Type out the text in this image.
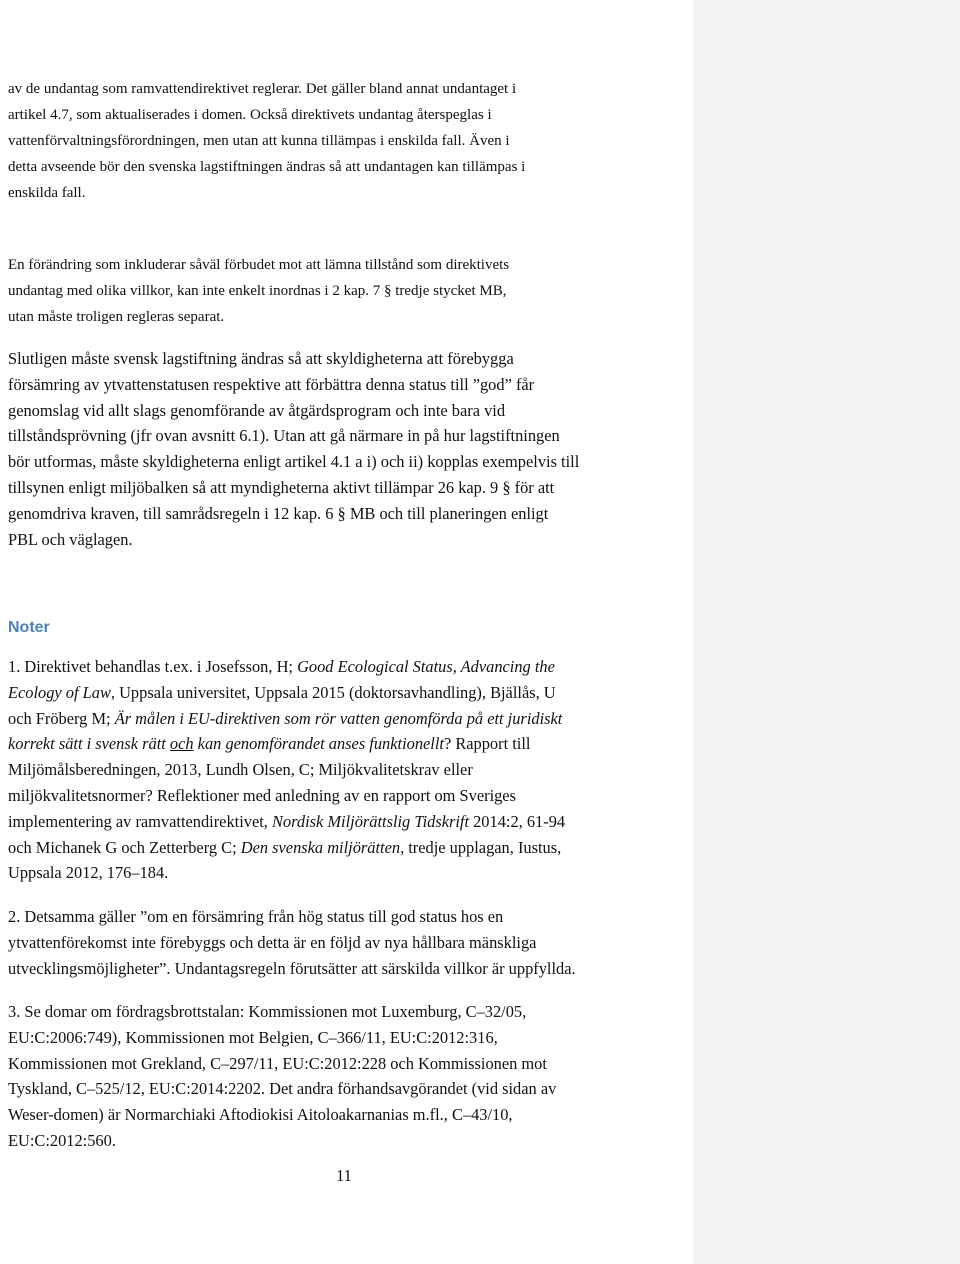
av de undantag som ramvattendirektivet reglerar. Det gäller bland annat undantaget i
artikel 4.7, som aktualiserades i domen. Också direktivets undantag återspeglas i
vattenförvaltningsförordningen, men utan att kunna tillämpas i enskilda fall. Även i
detta avseende bör den svenska lagstiftningen ändras så att undantagen kan tillämpas i
enskilda fall.

En förändring som inkluderar såväl förbudet mot att lämna tillstånd som direktivets
undantag med olika villkor, kan inte enkelt inordnas i 2 kap. 7 § tredje stycket MB,
utan måste troligen regleras separat.

Slutligen måste svensk lagstiftning ändras så att skyldigheterna att förebygga
försämring av ytvattenstatusen respektive att förbättra denna status till ”god” får
genomslag vid allt slags genomförande av åtgärdsprogram och inte bara vid
tillståndsprövning (jfr ovan avsnitt 6.1). Utan att gå närmare in på hur lagstiftningen
bör utformas, måste skyldigheterna enligt artikel 4.1 a i) och ii) kopplas exempelvis till
tillsynen enligt miljöbalken så att myndigheterna aktivt tillämpar 26 kap. 9 § för att
genomdriva kraven, till samrådsregeln i 12 kap. 6 § MB och till planeringen enligt
PBL och väglagen.

Noter

1. Direktivet behandlas t.ex. i Josefsson, H; Good Ecological Status, Advancing the
Ecology of Law, Uppsala universitet, Uppsala 2015 (doktorsavhandling), Bjällås, U
och Fröberg M; Är målen i EU-direktiven som rör vatten genomförda på ett juridiskt
korrekt sätt i svensk rätt och kan genomförandet anses funktionellt? Rapport till
Miljömålsberedningen, 2013, Lundh Olsen, C; Miljökvalitetskrav eller
miljökvalitetsnormer? Reflektioner med anledning av en rapport om Sveriges
implementering av ramvattendirektivet, Nordisk Miljörättslig Tidskrift 2014:2, 61-94
och Michanek G och Zetterberg C; Den svenska miljörätten, tredje upplagan, Iustus,
Uppsala 2012, 176–184.

2. Detsamma gäller ”om en försämring från hög status till god status hos en
ytvattenförekomst inte förebyggs och detta är en följd av nya hållbara mänskliga
utvecklingsmöjligheter”. Undantagsregeln förutsätter att särskilda villkor är uppfyllda.

3. Se domar om fördragsbrottstalan: Kommissionen mot Luxemburg, C–32/05,
EU:C:2006:749), Kommissionen mot Belgien, C–366/11, EU:C:2012:316,
Kommissionen mot Grekland, C–297/11, EU:C:2012:228 och Kommissionen mot
Tyskland, C–525/12, EU:C:2014:2202. Det andra förhandsavgörandet (vid sidan av
Weser-domen) är Normarchiaki Aftodiokisi Aitoloakarnanias m.fl., C–43/10,
EU:C:2012:560.

11
